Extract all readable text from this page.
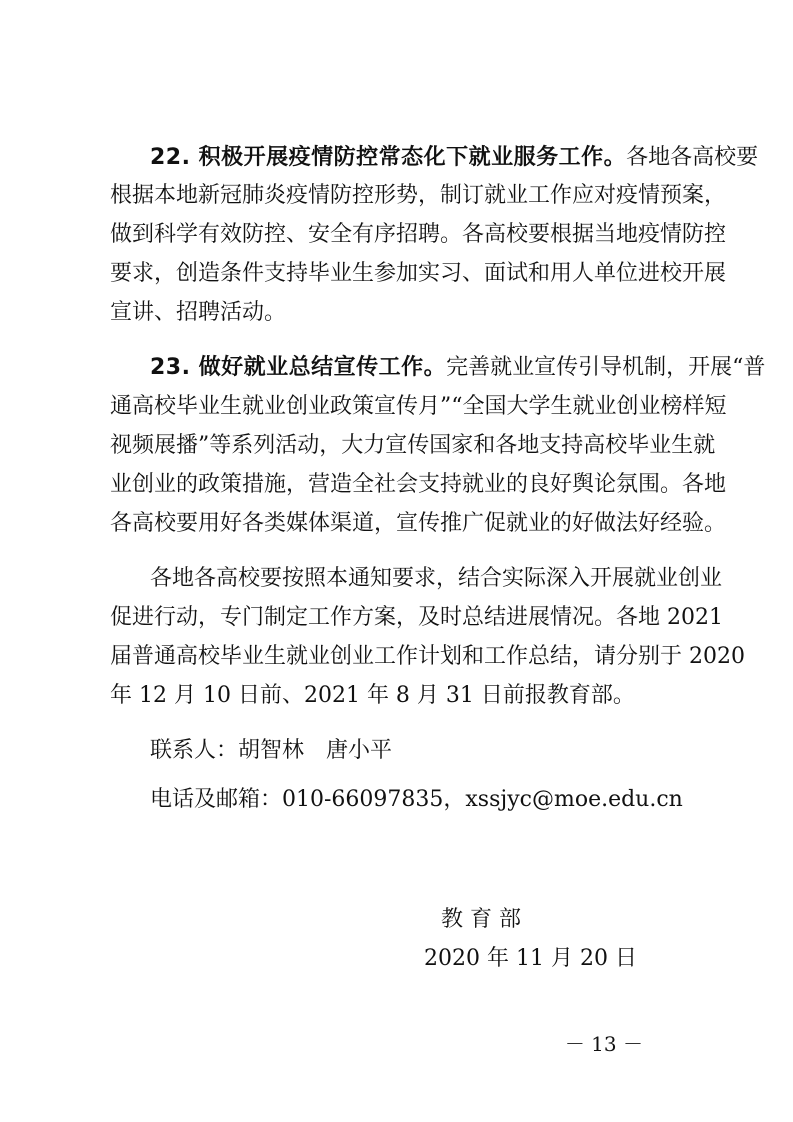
22. 积极开展疫情防控常态化下就业服务工作。各地各高校要
根据本地新冠肺炎疫情防控形势，制订就业工作应对疫情预案，
做到科学有效防控、安全有序招聘。各高校要根据当地疫情防控
要求，创造条件支持毕业生参加实习、面试和用人单位进校开展
宣讲、招聘活动。
23. 做好就业总结宣传工作。完善就业宣传引导机制，开展“普
通高校毕业生就业创业政策宣传月”“全国大学生就业创业榜样短
视频展播”等系列活动，大力宣传国家和各地支持高校毕业生就
业创业的政策措施，营造全社会支持就业的良好舆论氛围。各地
各高校要用好各类媒体渠道，宣传推广促就业的好做法好经验。
各地各高校要按照本通知要求，结合实际深入开展就业创业
促进行动，专门制定工作方案，及时总结进展情况。各地 2021
届普通高校毕业生就业创业工作计划和工作总结，请分别于 2020
年 12 月 10 日前、2021 年 8 月 31 日前报教育部。
联系人：胡智林　唐小平
电话及邮箱：010-66097835，xssjyc@moe.edu.cn
教 育 部
2020 年 11 月 20 日
－ 13 －
